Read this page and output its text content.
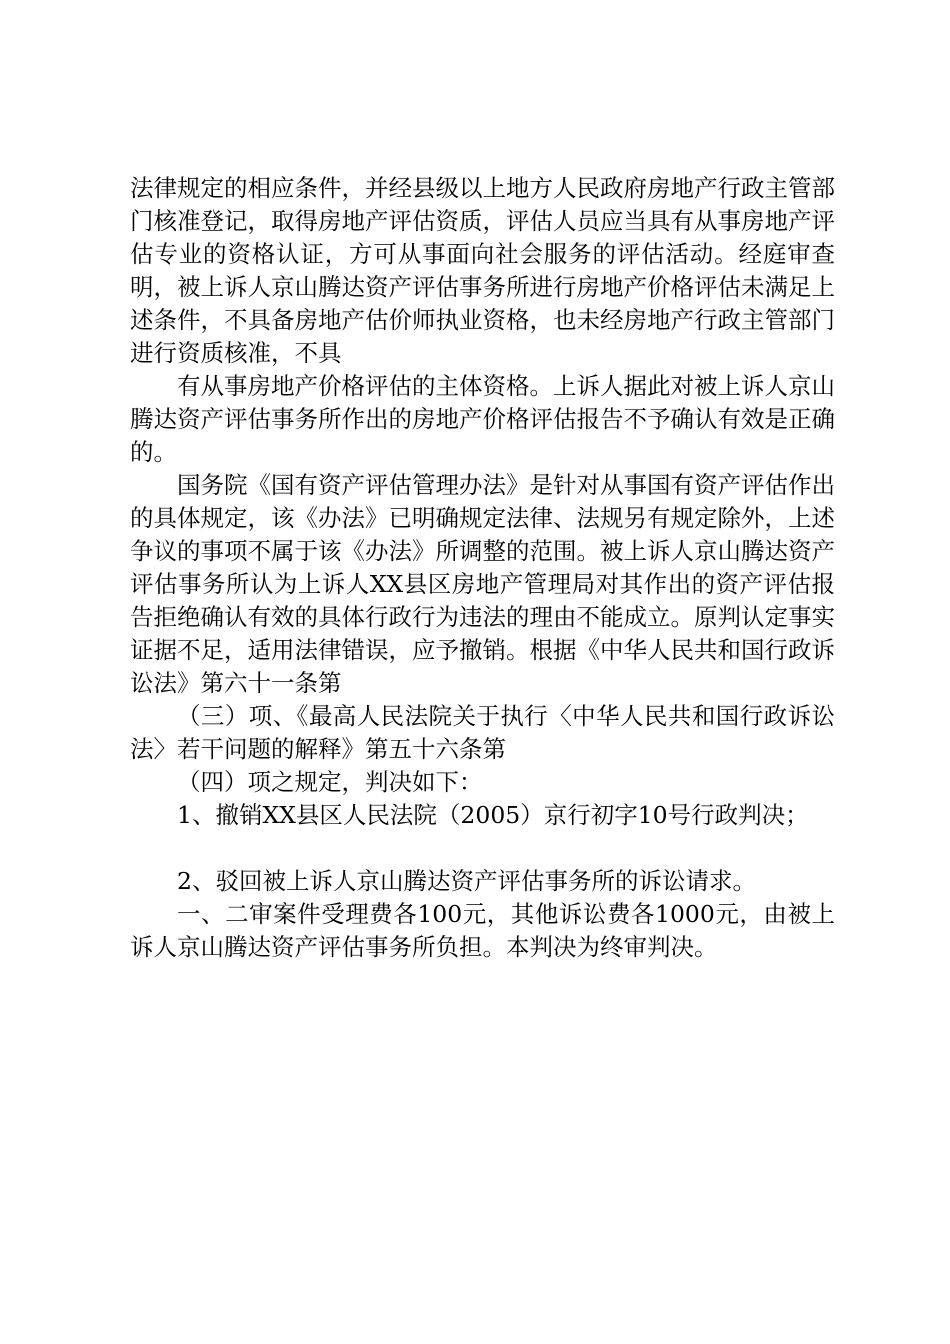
法律规定的相应条件，并经县级以上地方人民政府房地产行政主管部门核准登记，取得房地产评估资质，评估人员应当具有从事房地产评估专业的资格认证，方可从事面向社会服务的评估活动。经庭审查明，被上诉人京山腾达资产评估事务所进行房地产价格评估未满足上述条件，不具备房地产估价师执业资格，也未经房地产行政主管部门进行资质核准，不具

有从事房地产价格评估的主体资格。上诉人据此对被上诉人京山腾达资产评估事务所作出的房地产价格评估报告不予确认有效是正确的。

国务院《国有资产评估管理办法》是针对从事国有资产评估作出的具体规定，该《办法》已明确规定法律、法规另有规定除外，上述争议的事项不属于该《办法》所调整的范围。被上诉人京山腾达资产评估事务所认为上诉人XX县区房地产管理局对其作出的资产评估报告拒绝确认有效的具体行政行为违法的理由不能成立。原判认定事实证据不足，适用法律错误，应予撤销。根据《中华人民共和国行政诉讼法》第六十一条第

（三）项、《最高人民法院关于执行〈中华人民共和国行政诉讼法〉若干问题的解释》第五十六条第

（四）项之规定，判决如下：

1、撤销XX县区人民法院（2005）京行初字10号行政判决；

2、驳回被上诉人京山腾达资产评估事务所的诉讼请求。

一、二审案件受理费各100元，其他诉讼费各1000元，由被上诉人京山腾达资产评估事务所负担。本判决为终审判决。
